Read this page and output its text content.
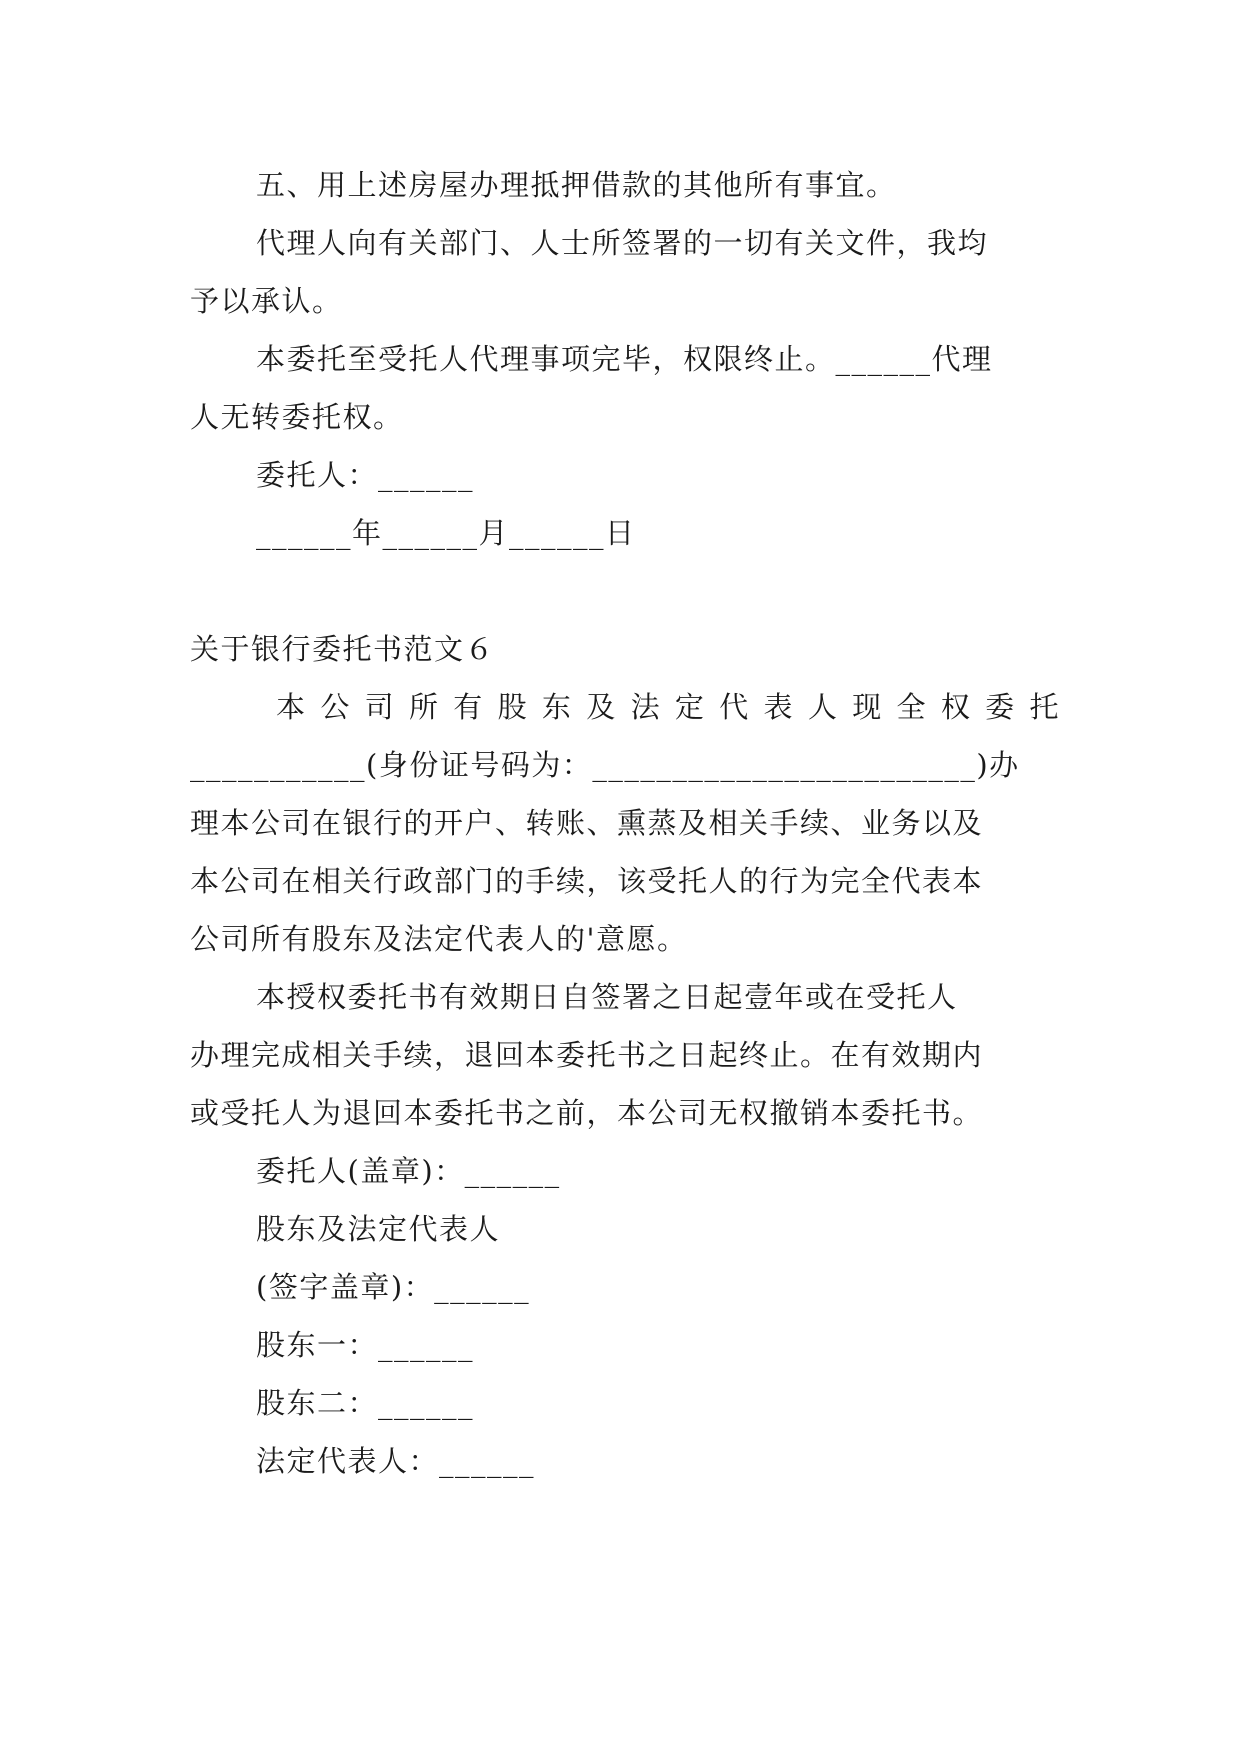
五、用上述房屋办理抵押借款的其他所有事宜。
代理人向有关部门、人士所签署的一切有关文件，我均
予以承认。
本委托至受托人代理事项完毕，权限终止。______代理
人无转委托权。
委托人：______
______年______月______日
关于银行委托书范文６
本公司所有股东及法定代表人现全权委托
___________(身份证号码为：________________________)办
理本公司在银行的开户、转账、熏蒸及相关手续、业务以及
本公司在相关行政部门的手续，该受托人的行为完全代表本
公司所有股东及法定代表人的'意愿。
本授权委托书有效期日自签署之日起壹年或在受托人
办理完成相关手续，退回本委托书之日起终止。在有效期内
或受托人为退回本委托书之前，本公司无权撤销本委托书。
委托人(盖章)：______
股东及法定代表人
(签字盖章)：______
股东一：______
股东二：______
法定代表人：______
